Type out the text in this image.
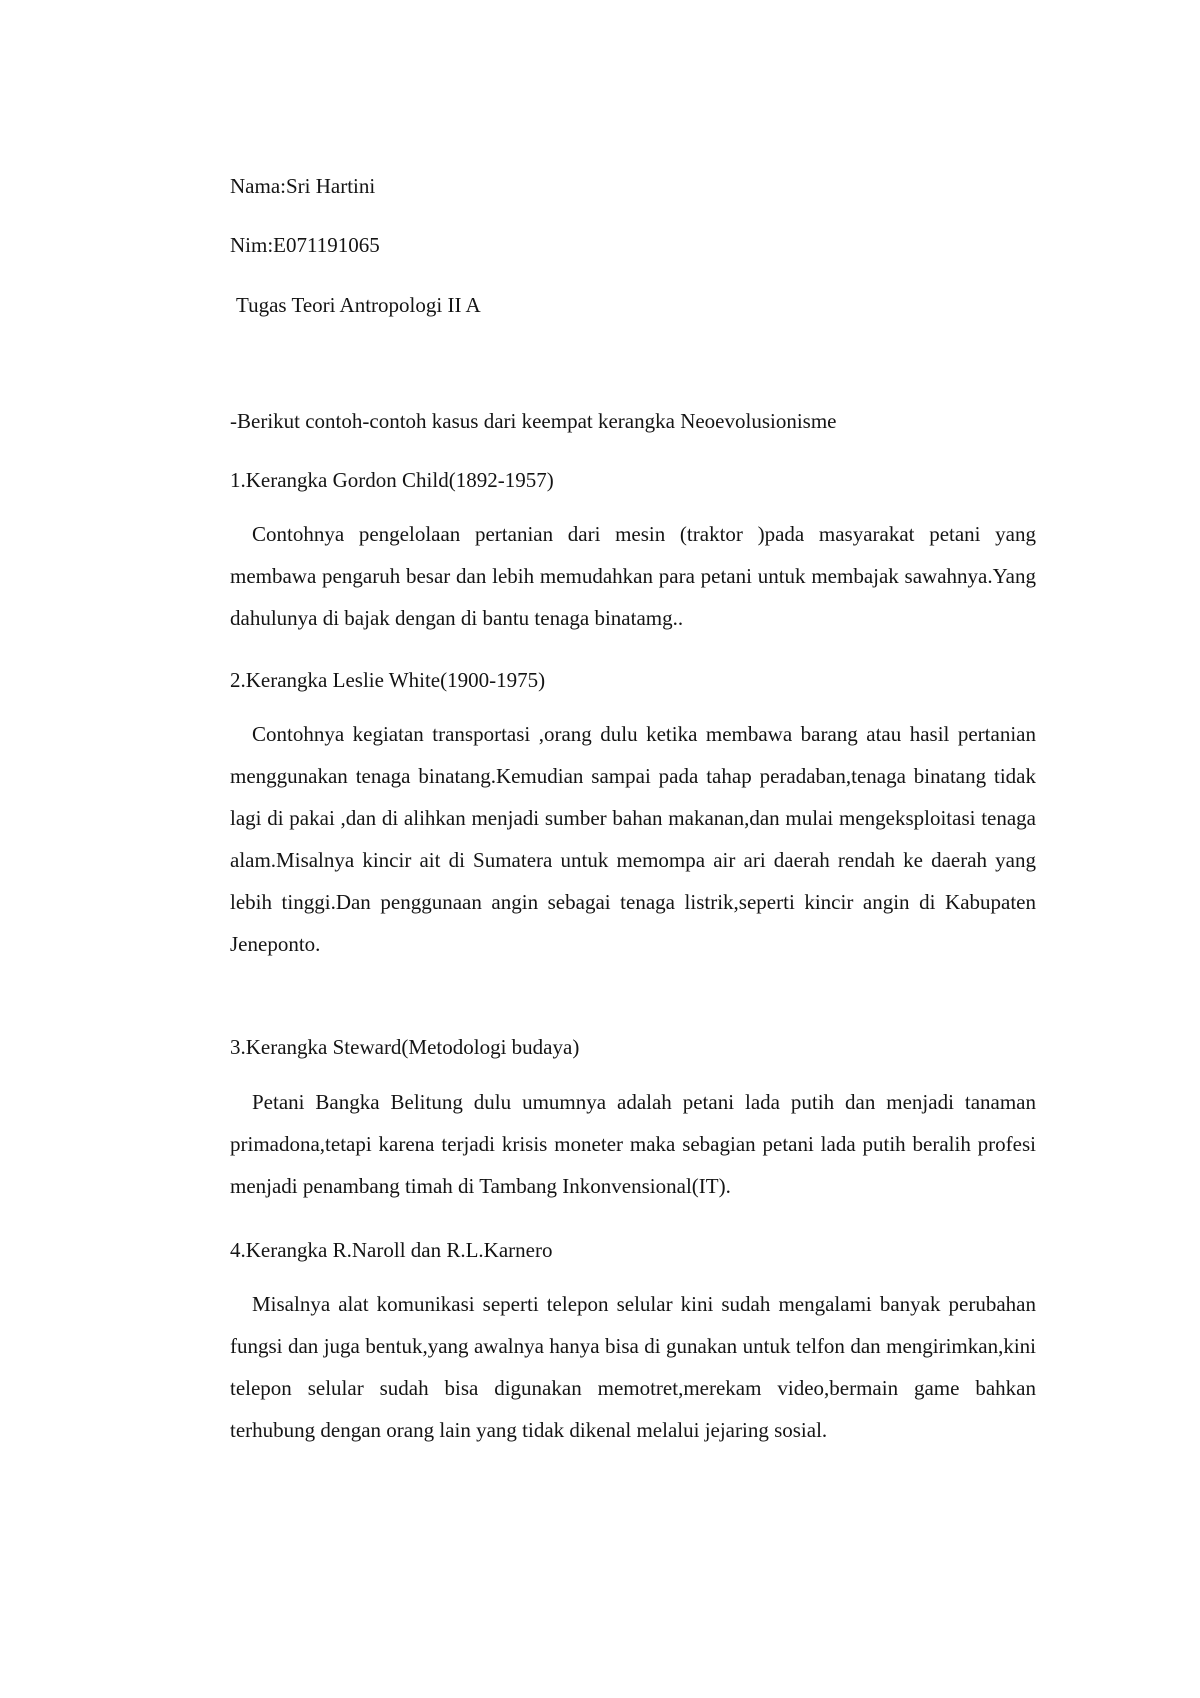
Nama:Sri Hartini
Nim:E071191065
Tugas Teori Antropologi II A
-Berikut contoh-contoh kasus dari keempat kerangka Neoevolusionisme
1.Kerangka Gordon Child(1892-1957)
Contohnya pengelolaan pertanian dari mesin (traktor )pada masyarakat petani yang membawa pengaruh besar dan lebih memudahkan para petani untuk membajak sawahnya.Yang dahulunya di bajak dengan di bantu tenaga binatamg..
2.Kerangka Leslie White(1900-1975)
Contohnya kegiatan transportasi ,orang dulu ketika membawa barang atau hasil pertanian menggunakan tenaga binatang.Kemudian sampai pada tahap peradaban,tenaga binatang tidak lagi di pakai ,dan di alihkan menjadi sumber bahan makanan,dan mulai mengeksploitasi tenaga alam.Misalnya kincir ait di Sumatera untuk memompa air ari daerah rendah ke daerah yang lebih tinggi.Dan penggunaan angin sebagai tenaga listrik,seperti kincir angin di Kabupaten Jeneponto.
3.Kerangka Steward(Metodologi budaya)
Petani Bangka Belitung dulu umumnya adalah petani lada putih dan menjadi tanaman primadona,tetapi karena terjadi krisis moneter maka sebagian petani lada putih beralih profesi menjadi penambang timah di Tambang Inkonvensional(IT).
4.Kerangka R.Naroll dan R.L.Karnero
Misalnya alat komunikasi seperti telepon selular kini sudah mengalami banyak perubahan fungsi dan juga bentuk,yang awalnya hanya bisa di gunakan untuk telfon dan mengirimkan,kini telepon selular sudah bisa digunakan memotret,merekam video,bermain game bahkan terhubung dengan orang lain yang tidak dikenal melalui jejaring sosial.
